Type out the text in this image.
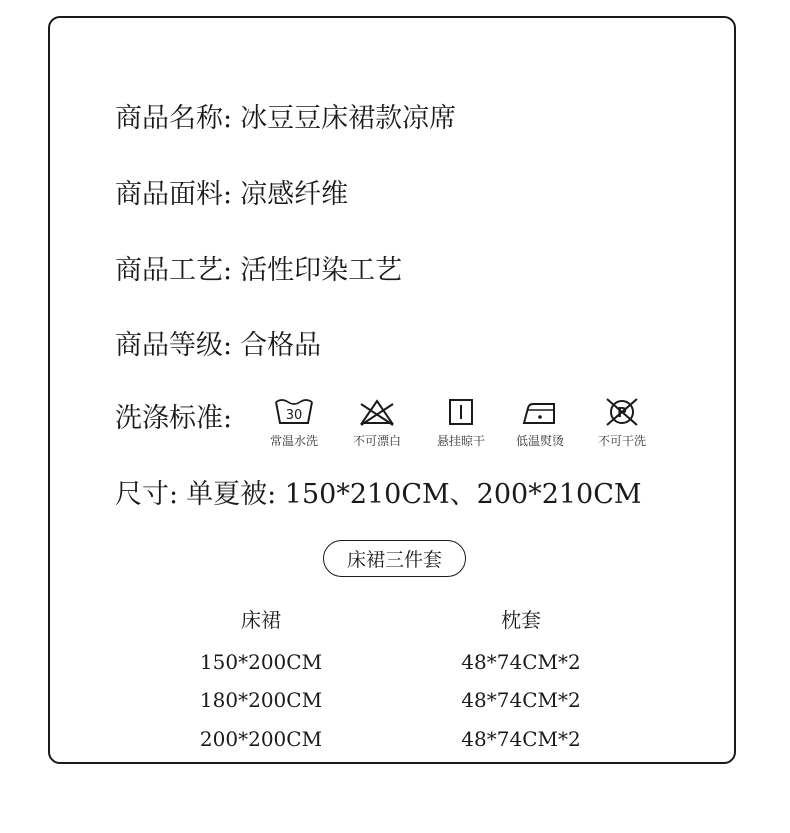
商品名称: 冰豆豆床裙款凉席
商品面料: 凉感纤维
商品工艺: 活性印染工艺
商品等级: 合格品
洗涤标准:	30
常温水洗	不可漂白	悬挂晾干	低温熨烫
P
不可干洗
尺寸: 单夏被: 150*210CM、200*210CM
床裙三件套
床裙	枕套
150*200CM	48*74CM*2
180*200CM	48*74CM*2
200*200CM	48*74CM*2
